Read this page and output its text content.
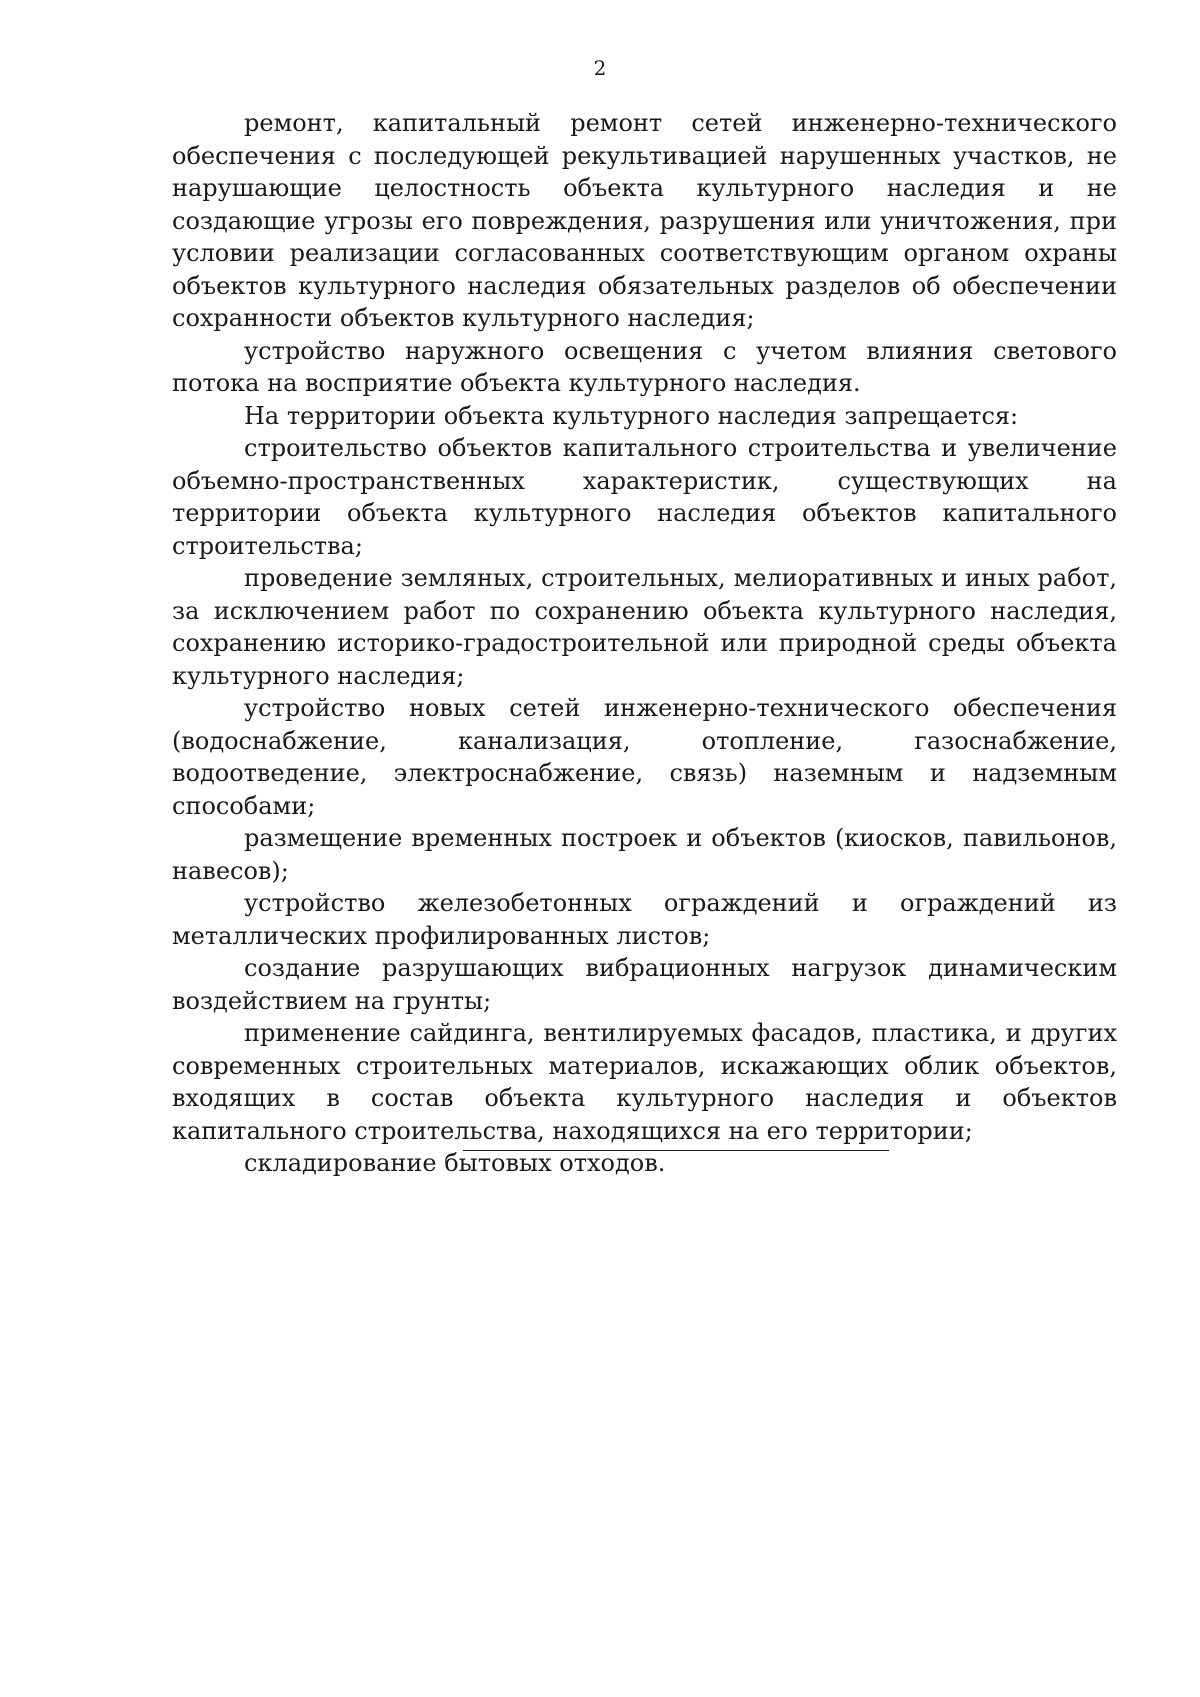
2

ремонт, капитальный ремонт сетей инженерно-технического обеспечения с последующей рекультивацией нарушенных участков, не нарушающие целостность объекта культурного наследия и не создающие угрозы его повреждения, разрушения или уничтожения, при условии реализации согласованных соответствующим органом охраны объектов культурного наследия обязательных разделов об обеспечении сохранности объектов культурного наследия;

устройство наружного освещения с учетом влияния светового потока на восприятие объекта культурного наследия.

На территории объекта культурного наследия запрещается:

строительство объектов капитального строительства и увеличение объемно-пространственных характеристик, существующих на территории объекта культурного наследия объектов капитального строительства;

проведение земляных, строительных, мелиоративных и иных работ, за исключением работ по сохранению объекта культурного наследия, сохранению историко-градостроительной или природной среды объекта культурного наследия;

устройство новых сетей инженерно-технического обеспечения (водоснабжение, канализация, отопление, газоснабжение, водоотведение, электроснабжение, связь) наземным и надземным способами;

размещение временных построек и объектов (киосков, павильонов, навесов);

устройство железобетонных ограждений и ограждений из металлических профилированных листов;

создание разрушающих вибрационных нагрузок динамическим воздействием на грунты;

применение сайдинга, вентилируемых фасадов, пластика, и других современных строительных материалов, искажающих облик объектов, входящих в состав объекта культурного наследия и объектов капитального строительства, находящихся на его территории;

складирование бытовых отходов.
